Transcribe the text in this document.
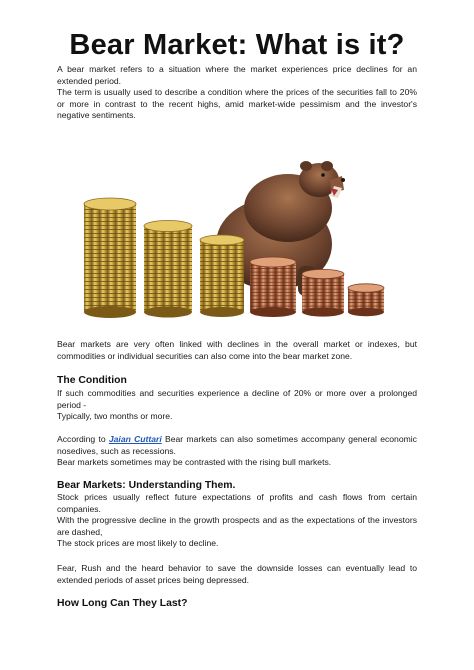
Bear Market: What is it?

A bear market refers to a situation where the market experiences price declines for an extended period.

The term is usually used to describe a condition where the prices of the securities fall to 20% or more in contrast to the recent highs, amid market-wide pessimism and the investor's negative sentiments.

Bear markets are very often linked with declines in the overall market or indexes, but commodities or individual securities can also come into the bear market zone.

The Condition

If such commodities and securities experience a decline of 20% or more over a prolonged period -

Typically, two months or more.

According to Jaian Cuttari Bear markets can also sometimes accompany general economic nosedives, such as recessions.

Bear markets sometimes may be contrasted with the rising bull markets.

Bear Markets: Understanding Them.

Stock prices usually reflect future expectations of profits and cash flows from certain companies.

With the progressive decline in the growth prospects and as the expectations of the investors are dashed,

The stock prices are most likely to decline.

Fear, Rush and the heard behavior to save the downside losses can eventually lead to extended periods of asset prices being depressed.

How Long Can They Last?
